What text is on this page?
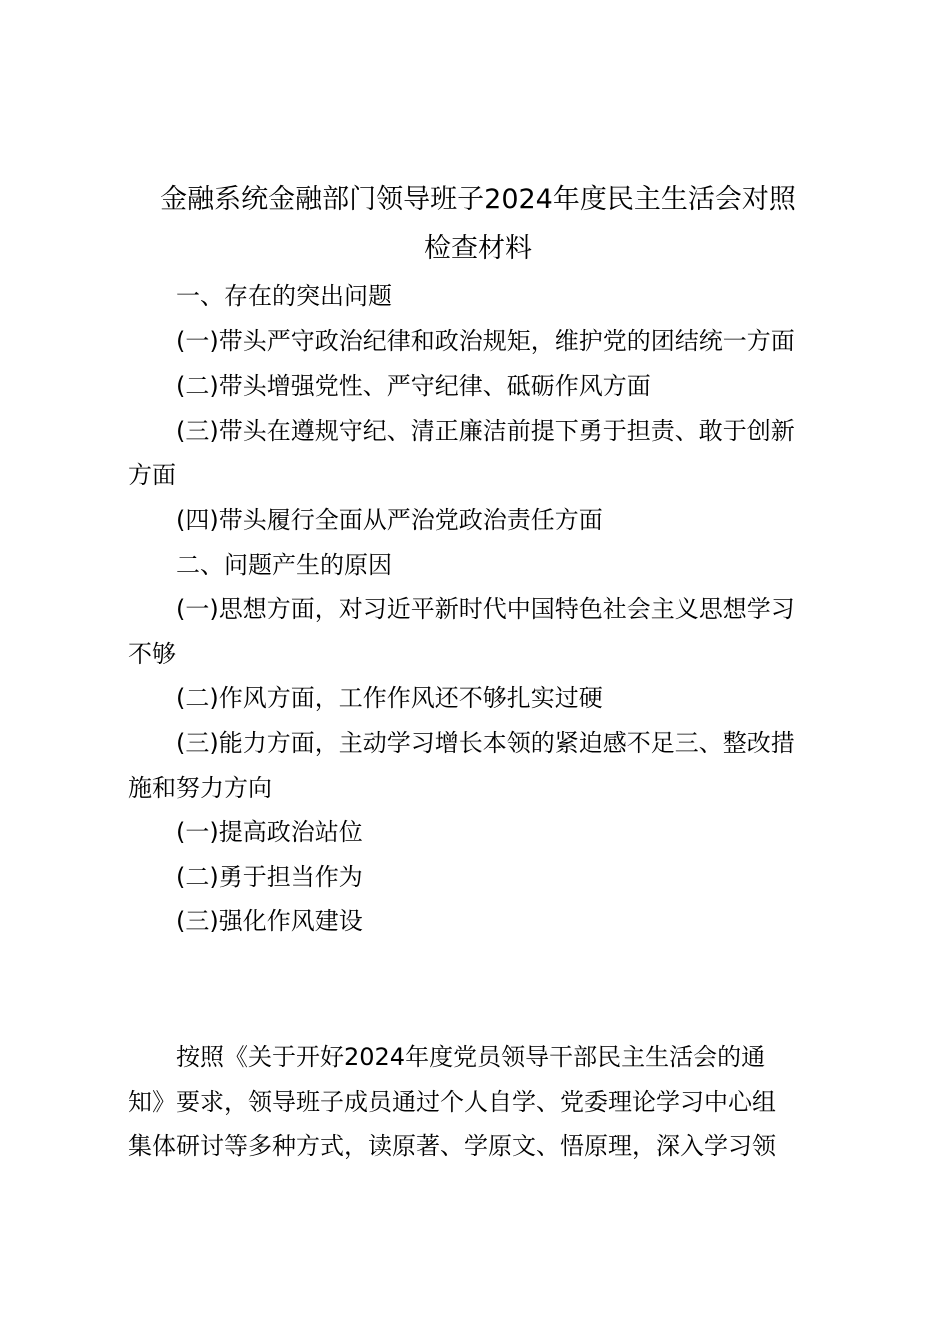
金融系统金融部门领导班子2024年度民主生活会对照
检查材料
一、存在的突出问题
(一)带头严守政治纪律和政治规矩，维护党的团结统一方面
(二)带头增强党性、严守纪律、砥砺作风方面
(三)带头在遵规守纪、清正廉洁前提下勇于担责、敢于创新
方面
(四)带头履行全面从严治党政治责任方面
二、问题产生的原因
(一)思想方面，对习近平新时代中国特色社会主义思想学习
不够
(二)作风方面，工作作风还不够扎实过硬
(三)能力方面，主动学习增长本领的紧迫感不足三、整改措
施和努力方向
(一)提高政治站位
(二)勇于担当作为
(三)强化作风建设
按照《关于开好2024年度党员领导干部民主生活会的通
知》要求，领导班子成员通过个人自学、党委理论学习中心组
集体研讨等多种方式，读原著、学原文、悟原理，深入学习领
